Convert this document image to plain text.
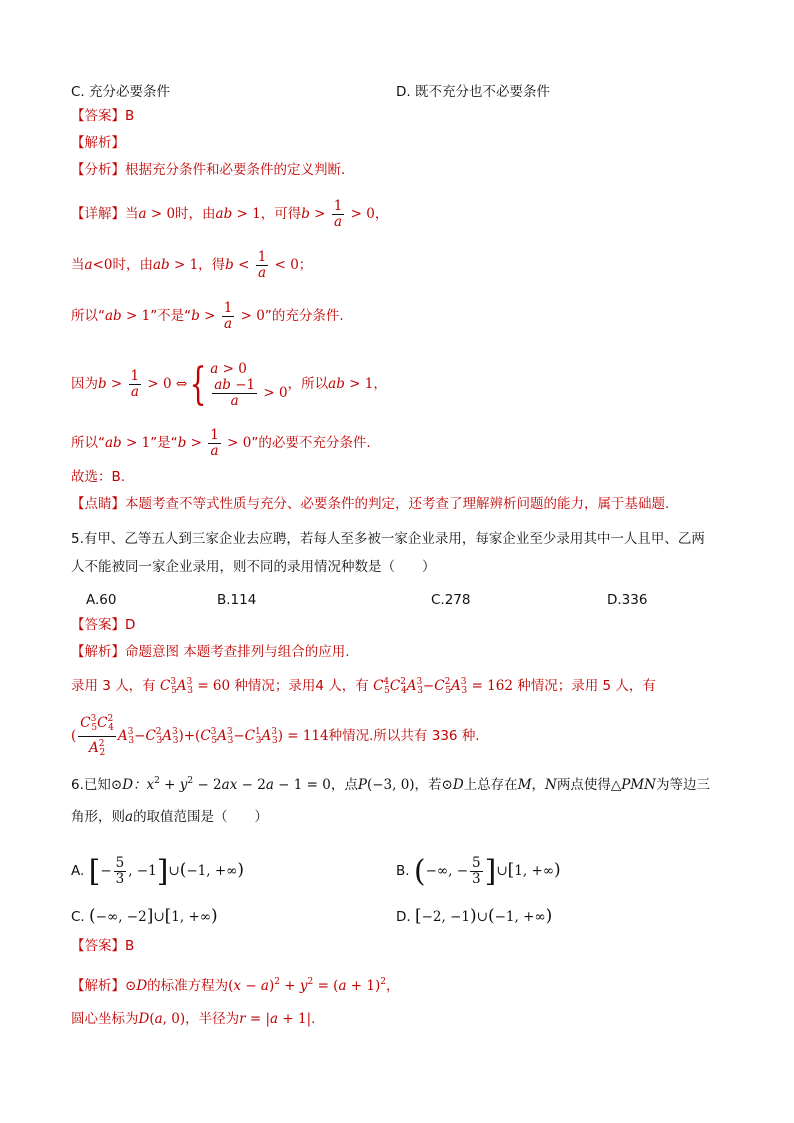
C. 充分必要条件	D. 既不充分也不必要条件
【答案】B
【解析】
【分析】根据充分条件和必要条件的定义判断.
【详解】当a > 0时，由ab > 1，可得$b > \frac{1}{a} > 0$，
当a<0时，由ab > 1，得$b < \frac{1}{a} < 0$；
所以“ab > 1”不是“$b > \frac{1}{a} > 0$”的充分条件.
因为$b > \frac{1}{a} > 0$ ⇔{ a > 0
$\frac{ab -1}{a} > 0$
，所以ab > 1，
所以“ab > 1”是“$b > \frac{1}{a} > 0$”的必要不充分条件.
故选：B.
【点睛】本题考查不等式性质与充分、必要条件的判定，还考查了理解辨析问题的能力，属于基础题.
5.有甲、乙等五人到三家企业去应聘，若每人至多被一家企业录用，每家企业至少录用其中一人且甲、乙两
人不能被同一家企业录用，则不同的录用情况种数是（　　）
A.60	B.114	C.278	D.336
【答案】D
【解析】命题意图 本题考查排列与组合的应用.
录用 3 人，有 $C^3_5A^3_3 = 60$ 种情况；录用4 人，有 $C^4_5C^2_4A^3_3-C^2_5A^3_3 = 162$ 种情况；录用 5 人，有
( $\frac{C^3_5C^2_4}{A^2_2} A^3_3-C^2_3A^3_3)+(C^3_5A^3_3-C^1_3A^3_3) = 114$种情况.所以共有 336 种.
6.已知⊙D：$x^2 + y^2 - 2ax - 2a - 1 = 0$，点P(−3, 0)，若⊙D上总存在M，N两点使得△PMN为等边三
角形，则a的取值范围是（　　）
A. [− $\frac{5}{3}$ , −1]∪(−1, +∞)	B. (−∞, − $\frac{5}{3}$ ]∪[1, +∞)
C. (−∞, −2]∪[1, +∞)	D. [−2, −1)∪(−1, +∞)
【答案】B
【解析】⊙D的标准方程为$(x - a)^2 + y^2 = (a + 1)^2$，
圆心坐标为D(a, 0)，半径为r = |a + 1|.
